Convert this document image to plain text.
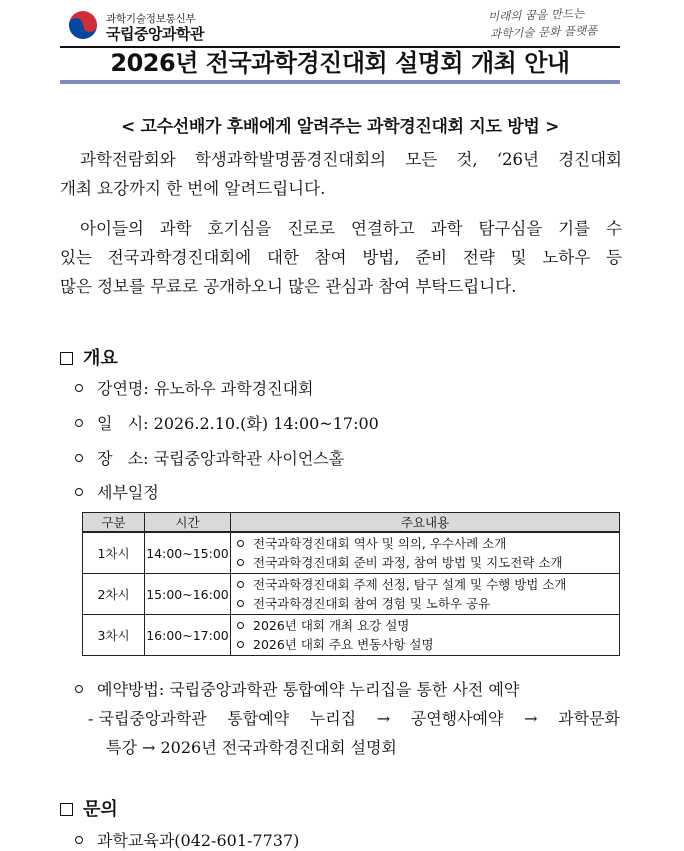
과학기술정보통신부
국립중앙과학관
미래의 꿈을 만드는
과학기술 문화 플랫폼
2026년 전국과학경진대회 설명회 개최 안내
< 고수선배가 후배에게 알려주는 과학경진대회 지도 방법 >
과학전람회와 학생과학발명품경진대회의 모든 것, ‘26년 경진대회
개최 요강까지 한 번에 알려드립니다.
아이들의 과학 호기심을 진로로 연결하고 과학 탐구심을 기를 수
있는 전국과학경진대회에 대한 참여 방법, 준비 전략 및 노하우 등
많은 정보를 무료로 공개하오니 많은 관심과 참여 부탁드립니다.
개요
강연명: 유노하우 과학경진대회
일   시: 2026.2.10.(화) 14:00~17:00
장   소: 국립중앙과학관 사이언스홀
세부일정
구분	시간	주요내용
1차시	14:00~15:00	전국과학경진대회 역사 및 의의, 우수사례 소개
전국과학경진대회 준비 과정, 참여 방법 및 지도전략 소개

2차시	15:00~16:00	전국과학경진대회 주제 선정, 탐구 설계 및 수행 방법 소개
전국과학경진대회 참여 경험 및 노하우 공유

3차시	16:00~17:00	2026년 대회 개최 요강 설명
2026년 대회 주요 변동사항 설명
예약방법: 국립중앙과학관 통합예약 누리집을 통한 사전 예약
- 국립중앙과학관 통합예약 누리집 → 공연행사예약 → 과학문화
특강 → 2026년 전국과학경진대회 설명회
문의
과학교육과(042-601-7737)
